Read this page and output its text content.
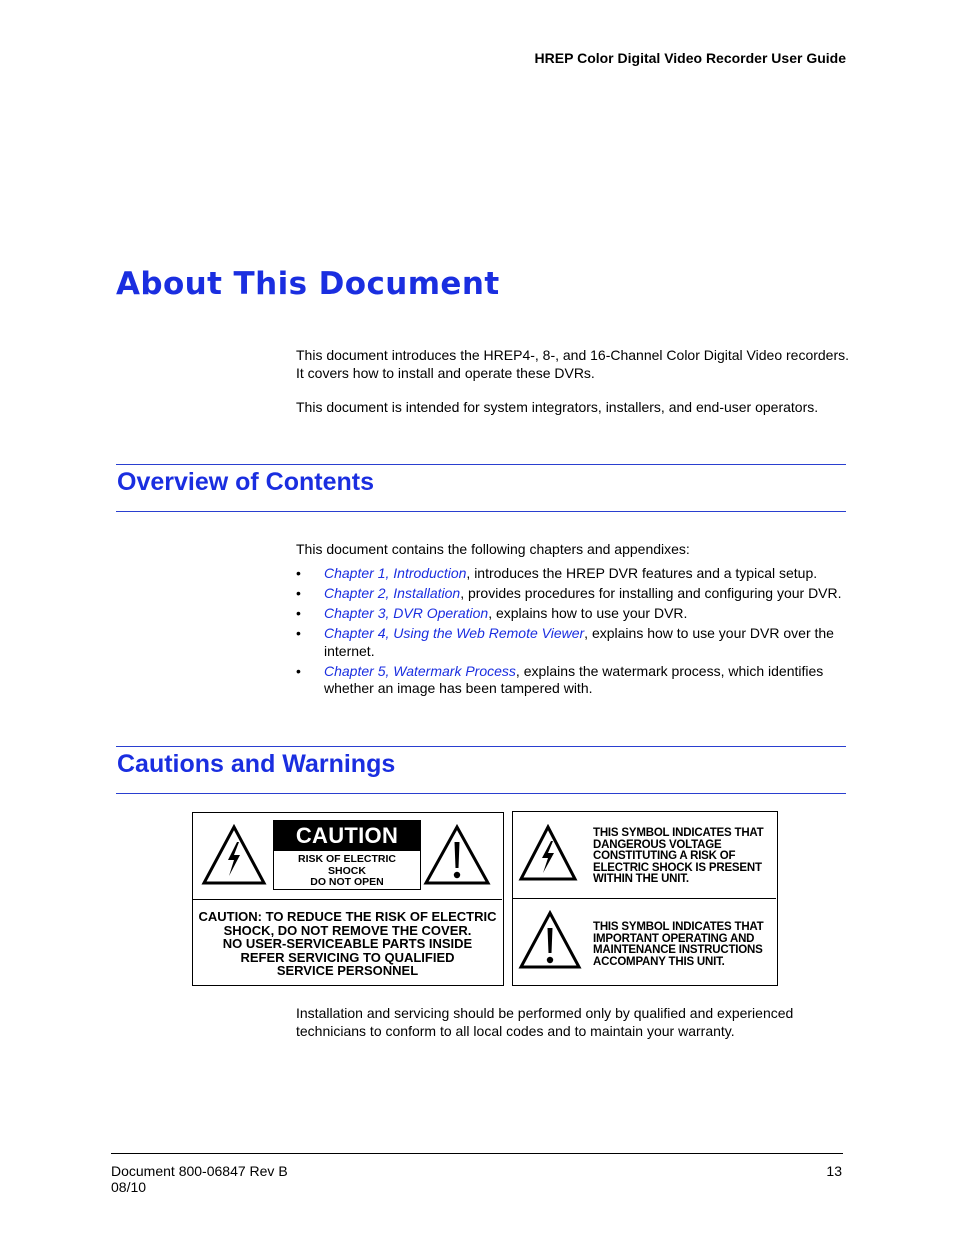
HREP Color Digital Video Recorder User Guide
About This Document
This document introduces the HREP4-, 8-, and 16-Channel Color Digital Video recorders.
It covers how to install and operate these DVRs.
This document is intended for system integrators, installers, and end-user operators.
Overview of Contents
This document contains the following chapters and appendixes:
• Chapter 1, Introduction, introduces the HREP DVR features and a typical setup.
• Chapter 2, Installation, provides procedures for installing and configuring your DVR.
• Chapter 3, DVR Operation, explains how to use your DVR.
• Chapter 4, Using the Web Remote Viewer, explains how to use your DVR over the internet.
• Chapter 5, Watermark Process, explains the watermark process, which identifies whether an image has been tampered with.
Cautions and Warnings
CAUTION
RISK OF ELECTRIC
SHOCK
DO NOT OPEN
CAUTION: TO REDUCE THE RISK OF ELECTRIC
SHOCK, DO NOT REMOVE THE COVER.
NO USER-SERVICEABLE PARTS INSIDE
REFER SERVICING TO QUALIFIED
SERVICE PERSONNEL
THIS SYMBOL INDICATES THAT
DANGEROUS VOLTAGE
CONSTITUTING A RISK OF
ELECTRIC SHOCK IS PRESENT
WITHIN THE UNIT.
THIS SYMBOL INDICATES THAT
IMPORTANT OPERATING AND
MAINTENANCE INSTRUCTIONS
ACCOMPANY THIS UNIT.
Installation and servicing should be performed only by qualified and experienced
technicians to conform to all local codes and to maintain your warranty.
Document 800-06847 Rev B
08/10
13
